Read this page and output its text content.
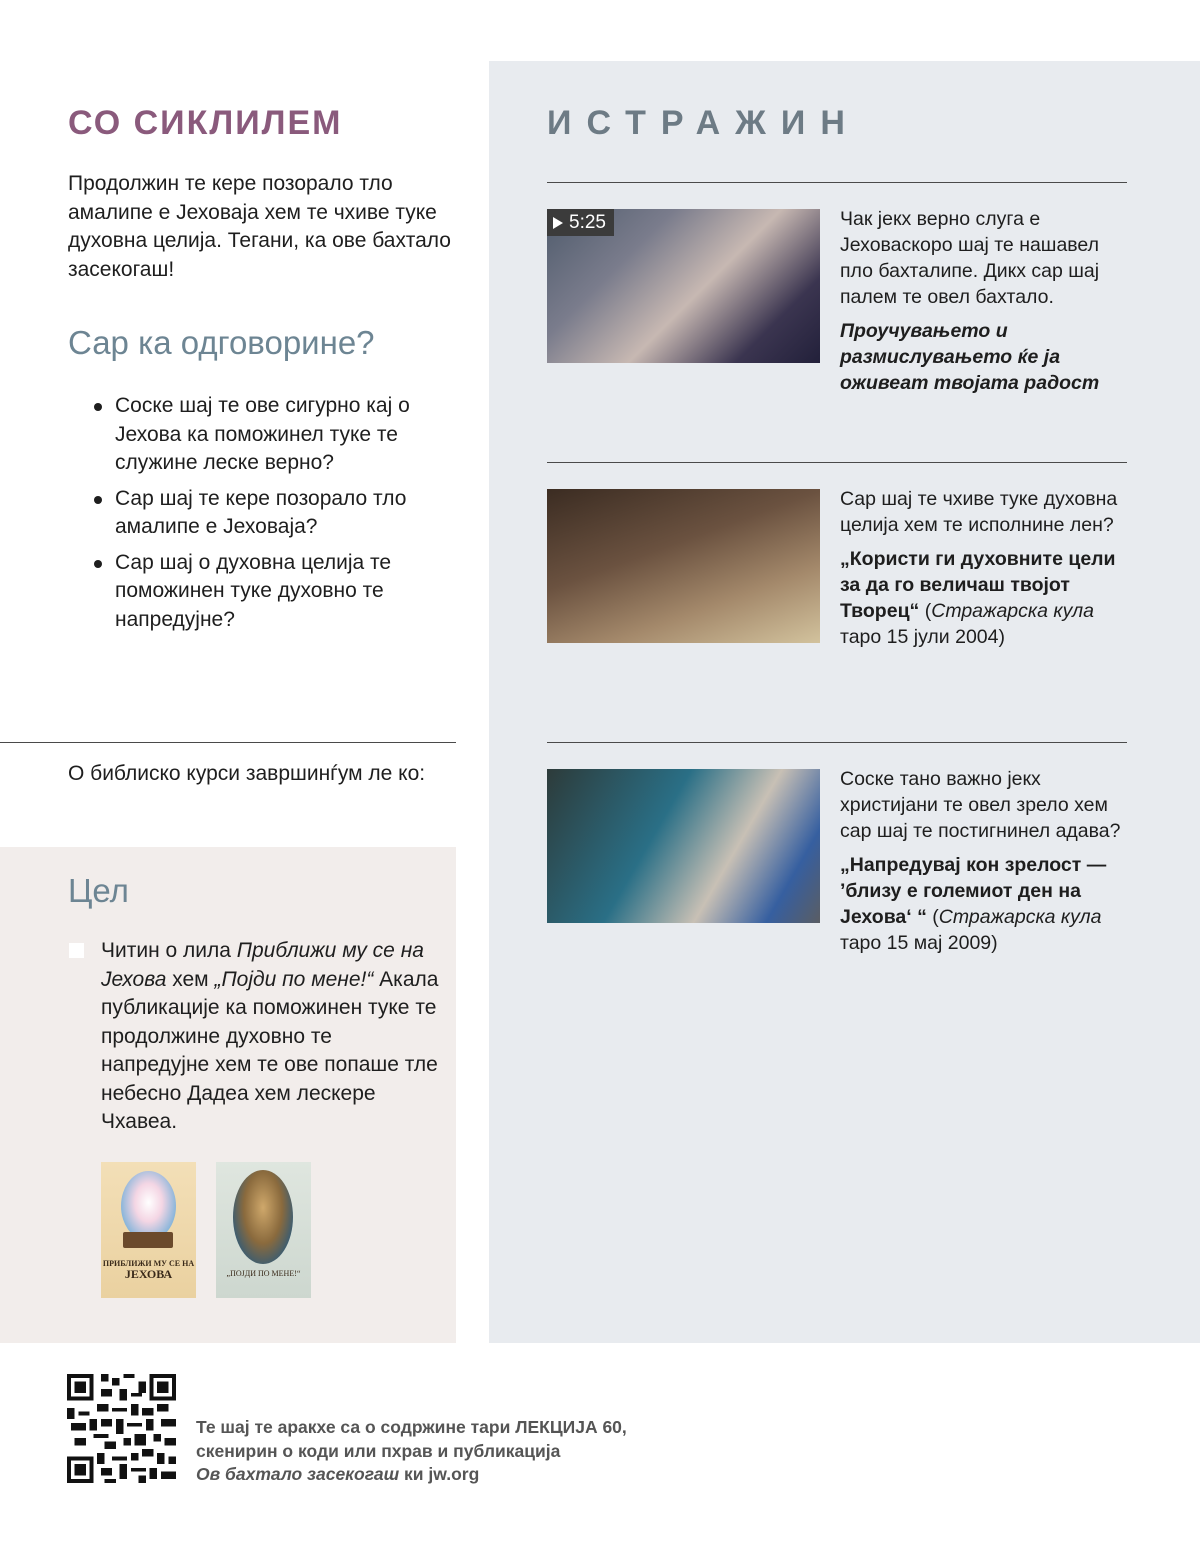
СО СИКЛИЛЕМ

Продолжин те кере позорало тло амалипе е Јеховаја хем те чхиве туке духовна целија. Тегани, ка ове бахтало засекогаш!

Сар ка одговорине?
Соске шај те ове сигурно кај о Јехова ка поможинел туке те служине леске верно?
Сар шај те кере позорало тло амалипе е Јеховаја?
Сар шај о духовна целија те поможинен туке духовно те напредујне?
О библиско курси завршинѓум ле ко:
Цел

Читин о лила Приближи му се на Јехова хем „Појди по мене!“ Акала публикације ка поможинен туке те продолжине духовно те напредујне хем те ове попаше тле небесно Дадеа хем лескере Чхавеа.

ПРИБЛИЖИ МУ СЕ НА
ЈЕХОВА	„ПОЈДИ ПО МЕНЕ!“
ИСТРАЖИН
5:25	Чак јекх верно слуга е Јеховаскоро шај те нашавел пло бахталипе. Дикх сар шај палем те овел бахтало.

Проучувањето и размислувањето ќе ја оживеат твојата радост

Сар шај те чхиве туке духовна целија хем те исполнине лен?

„Користи ги духовните цели за да го величаш твојот Творец“ (Стражарска кула
таро 15 јули 2004)

Соске тано важно јекх христијани те овел зрело хем сар шај те постигнинел адава?

„Напредувај кон зрелост — ’близу е големиот ден на Јехова‘ “ (Стражарска кула
таро 15 мај 2009)

Те шај те аракхе са о содржине тари ЛЕКЦИЈА 60,
скенирин о коди или пхрав и публикација
Ов бахтало засекогаш ки jw.org
